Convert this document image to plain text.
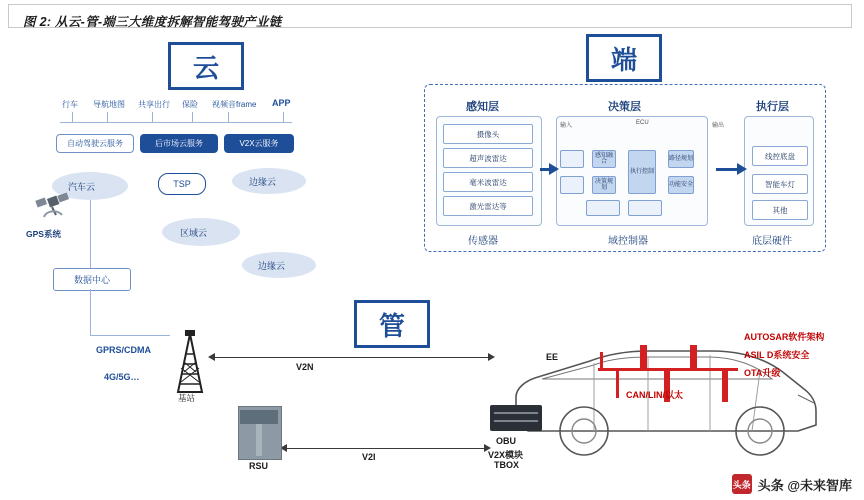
图 2: 从云-管-端三大维度拆解智能驾驶产业链
云
行车 导航地图 共享出行 保险 视频音frame APP
自动驾驶云服务	后市场云服务	V2X云服务
汽车云	TSP	边缘云
区域云
边缘云
GPS系统
数据中心
管
基站
GPRS/CDMA
4G/5G…
V2N
V2I
RSU
端
感知层	决策层	执行层
摄像头
超声波雷达
毫米波雷达
激光雷达等
输入	ECU	输出
感知融合
决策规划
执行控制
路径规划
功能安全
线控底盘
智能车灯
其他
传感器	域控制器	底层硬件
EE
CAN/LIN/以太
AUTOSAR软件架构
ASIL D系统安全
OTA升级
OBU
V2X模块
TBOX
头条 头条 @未来智库
